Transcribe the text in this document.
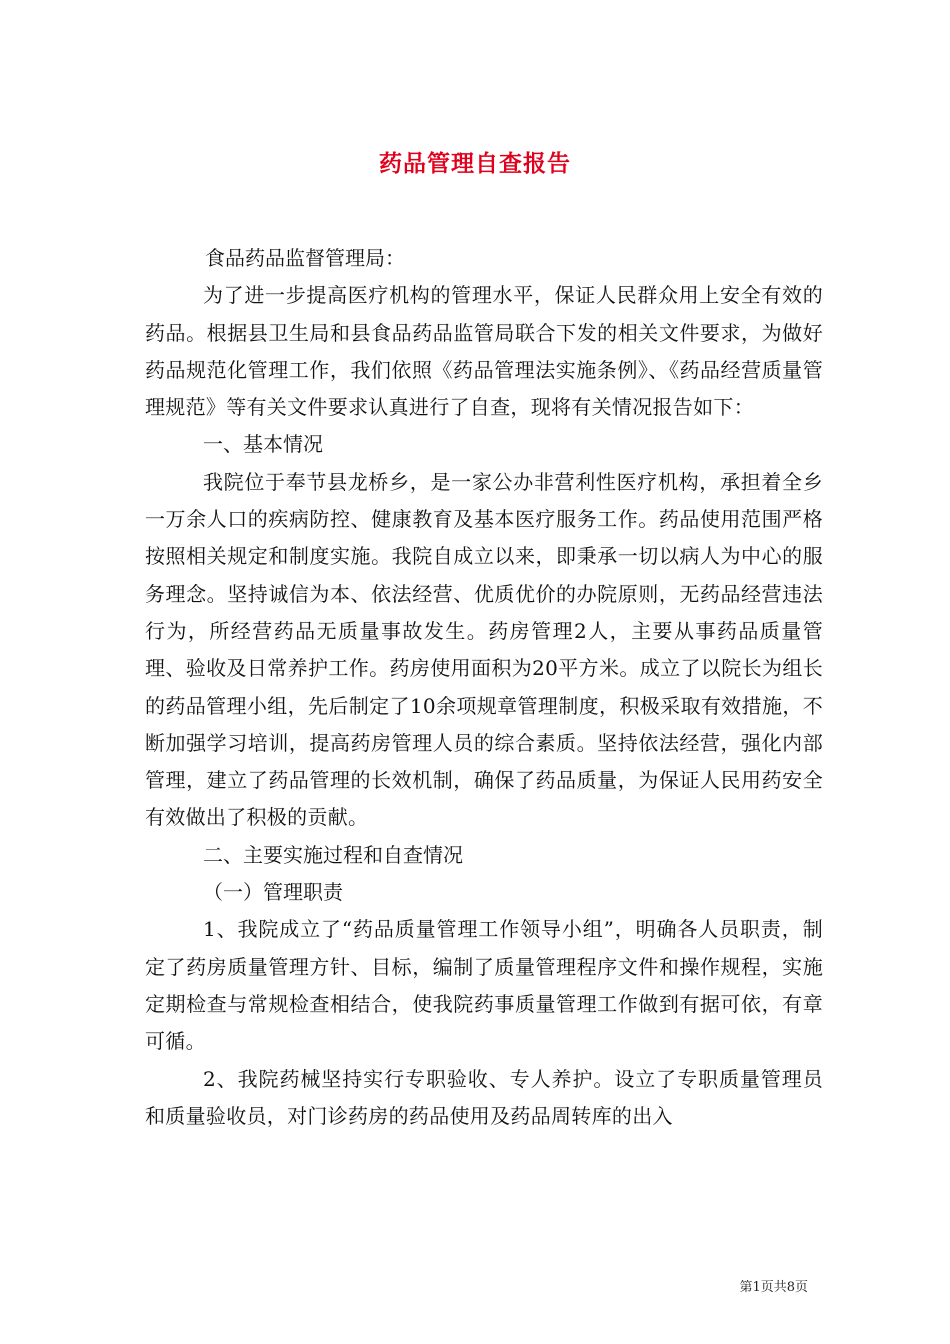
药品管理自查报告

食品药品监督管理局：

为了进一步提高医疗机构的管理水平，保证人民群众用上安全有效的药品。根据县卫生局和县食品药品监管局联合下发的相关文件要求，为做好药品规范化管理工作，我们依照《药品管理法实施条例》、《药品经营质量管理规范》等有关文件要求认真进行了自查，现将有关情况报告如下：

一、基本情况

我院位于奉节县龙桥乡，是一家公办非营利性医疗机构，承担着全乡一万余人口的疾病防控、健康教育及基本医疗服务工作。药品使用范围严格按照相关规定和制度实施。我院自成立以来，即秉承一切以病人为中心的服务理念。坚持诚信为本、依法经营、优质优价的办院原则，无药品经营违法行为，所经营药品无质量事故发生。药房管理2人，主要从事药品质量管理、验收及日常养护工作。药房使用面积为20平方米。成立了以院长为组长的药品管理小组，先后制定了10余项规章管理制度，积极采取有效措施，不断加强学习培训，提高药房管理人员的综合素质。坚持依法经营，强化内部管理，建立了药品管理的长效机制，确保了药品质量，为保证人民用药安全有效做出了积极的贡献。

二、主要实施过程和自查情况

（一）管理职责

1、我院成立了“药品质量管理工作领导小组”，明确各人员职责，制定了药房质量管理方针、目标，编制了质量管理程序文件和操作规程，实施定期检查与常规检查相结合，使我院药事质量管理工作做到有据可依，有章可循。

2、我院药械坚持实行专职验收、专人养护。设立了专职质量管理员和质量验收员，对门诊药房的药品使用及药品周转库的出入

第1页共8页
